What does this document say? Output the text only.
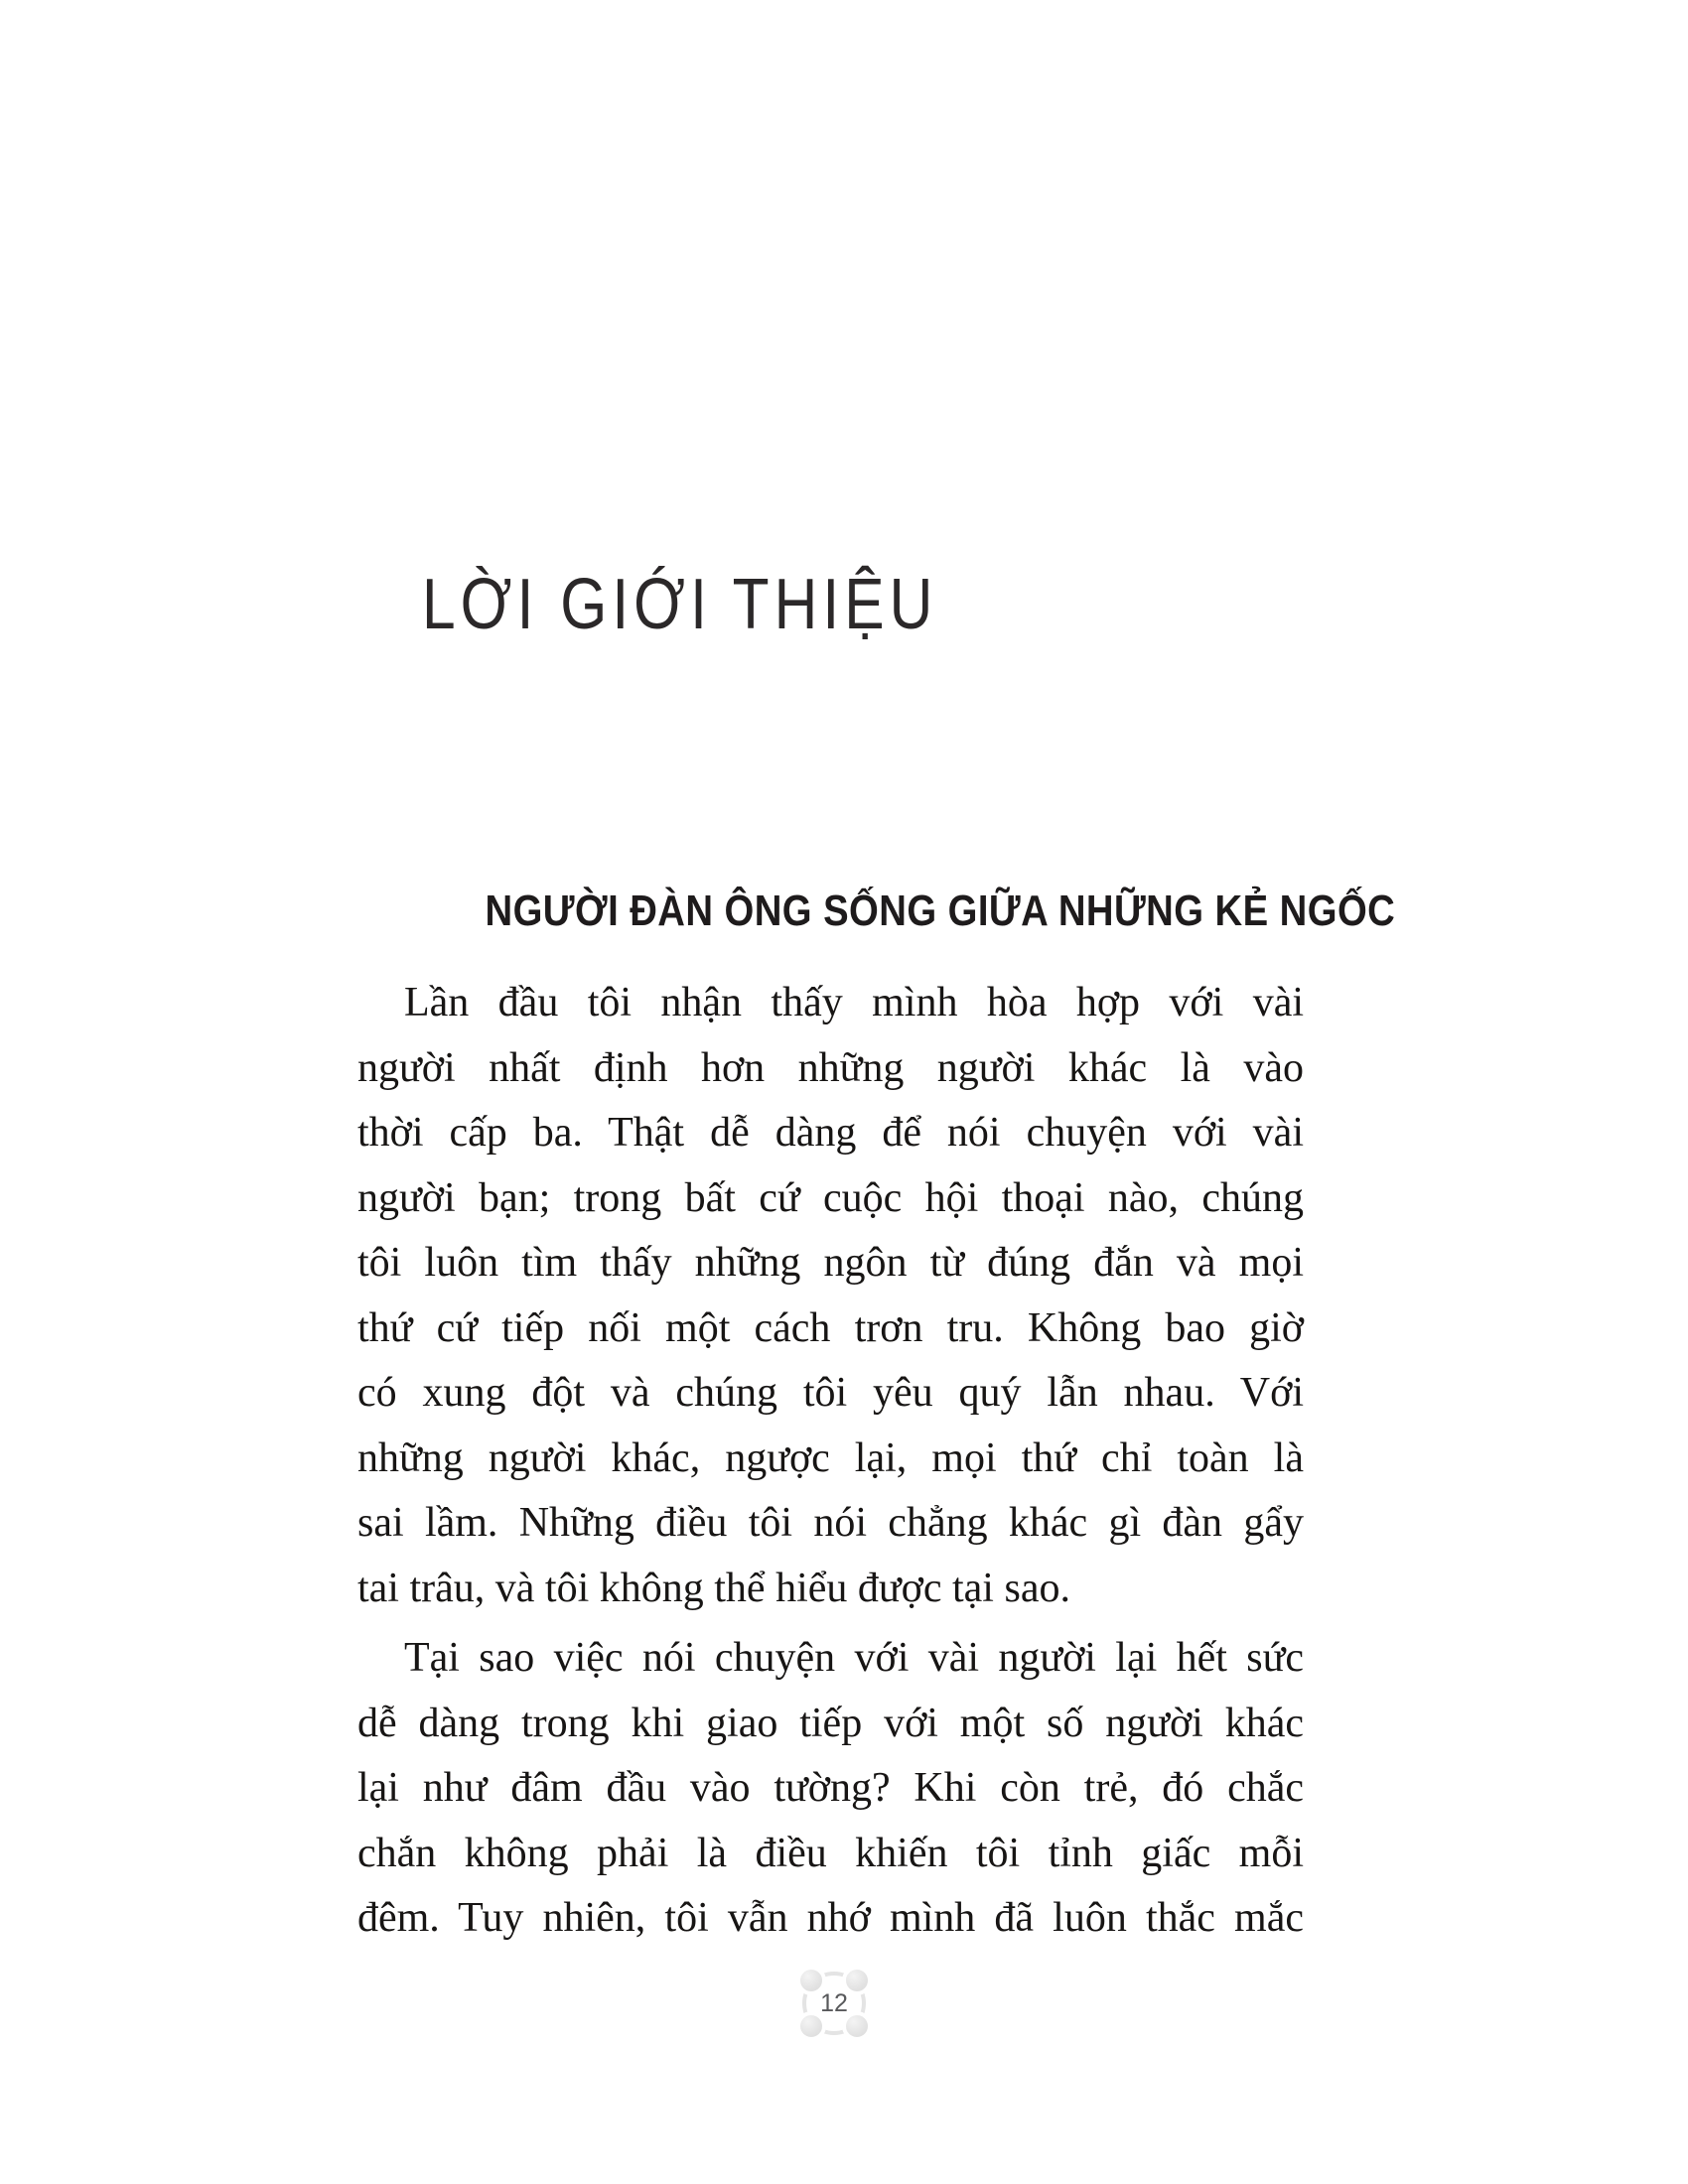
LỜI GIỚI THIỆU
NGƯỜI ĐÀN ÔNG SỐNG GIỮA NHỮNG KẺ NGỐC
Lần đầu tôi nhận thấy mình hòa hợp với vài
người nhất định hơn những người khác là vào
thời cấp ba. Thật dễ dàng để nói chuyện với vài
người bạn; trong bất cứ cuộc hội thoại nào, chúng
tôi luôn tìm thấy những ngôn từ đúng đắn và mọi
thứ cứ tiếp nối một cách trơn tru. Không bao giờ
có xung đột và chúng tôi yêu quý lẫn nhau. Với
những người khác, ngược lại, mọi thứ chỉ toàn là
sai lầm. Những điều tôi nói chẳng khác gì đàn gẩy
tai trâu, và tôi không thể hiểu được tại sao.
Tại sao việc nói chuyện với vài người lại hết sức
dễ dàng trong khi giao tiếp với một số người khác
lại như đâm đầu vào tường? Khi còn trẻ, đó chắc
chắn không phải là điều khiến tôi tỉnh giấc mỗi
đêm. Tuy nhiên, tôi vẫn nhớ mình đã luôn thắc mắc
12
